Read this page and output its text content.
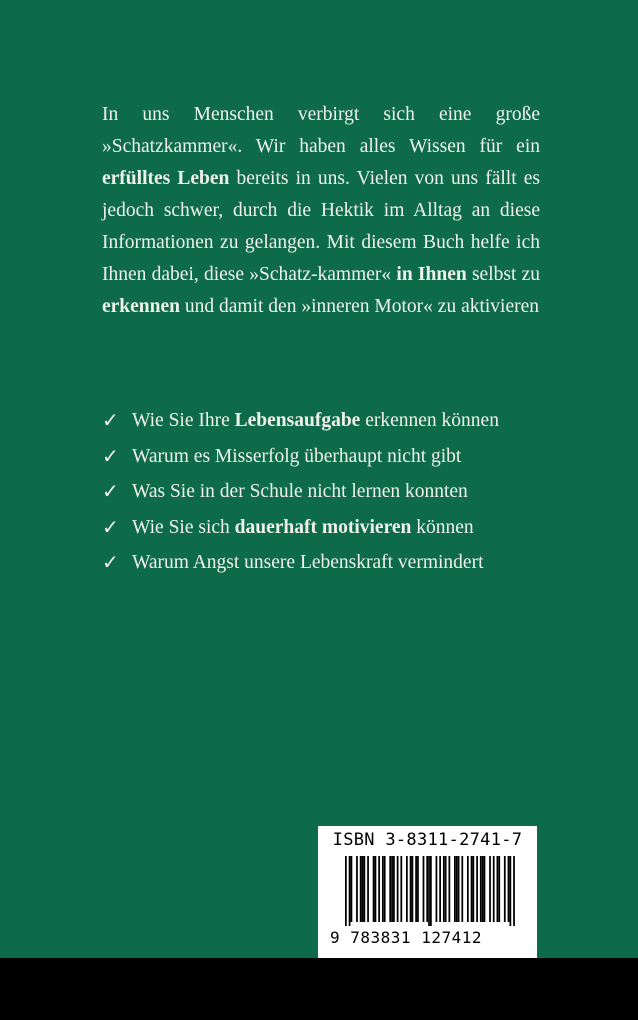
In uns Menschen verbirgt sich eine große »Schatzkammer«. Wir haben alles Wissen für ein erfülltes Leben bereits in uns. Vielen von uns fällt es jedoch schwer, durch die Hektik im Alltag an diese Informationen zu gelangen. Mit diesem Buch helfe ich Ihnen dabei, diese »Schatz-kammer« in Ihnen selbst zu erkennen und damit den »inneren Motor« zu aktivieren

✓ Wie Sie Ihre Lebensaufgabe erkennen können
✓ Warum es Misserfolg überhaupt nicht gibt
✓ Was Sie in der Schule nicht lernen konnten
✓ Wie Sie sich dauerhaft motivieren können
✓ Warum Angst unsere Lebenskraft vermindert
ISBN 3-8311-2741-7
9 783831 127412
